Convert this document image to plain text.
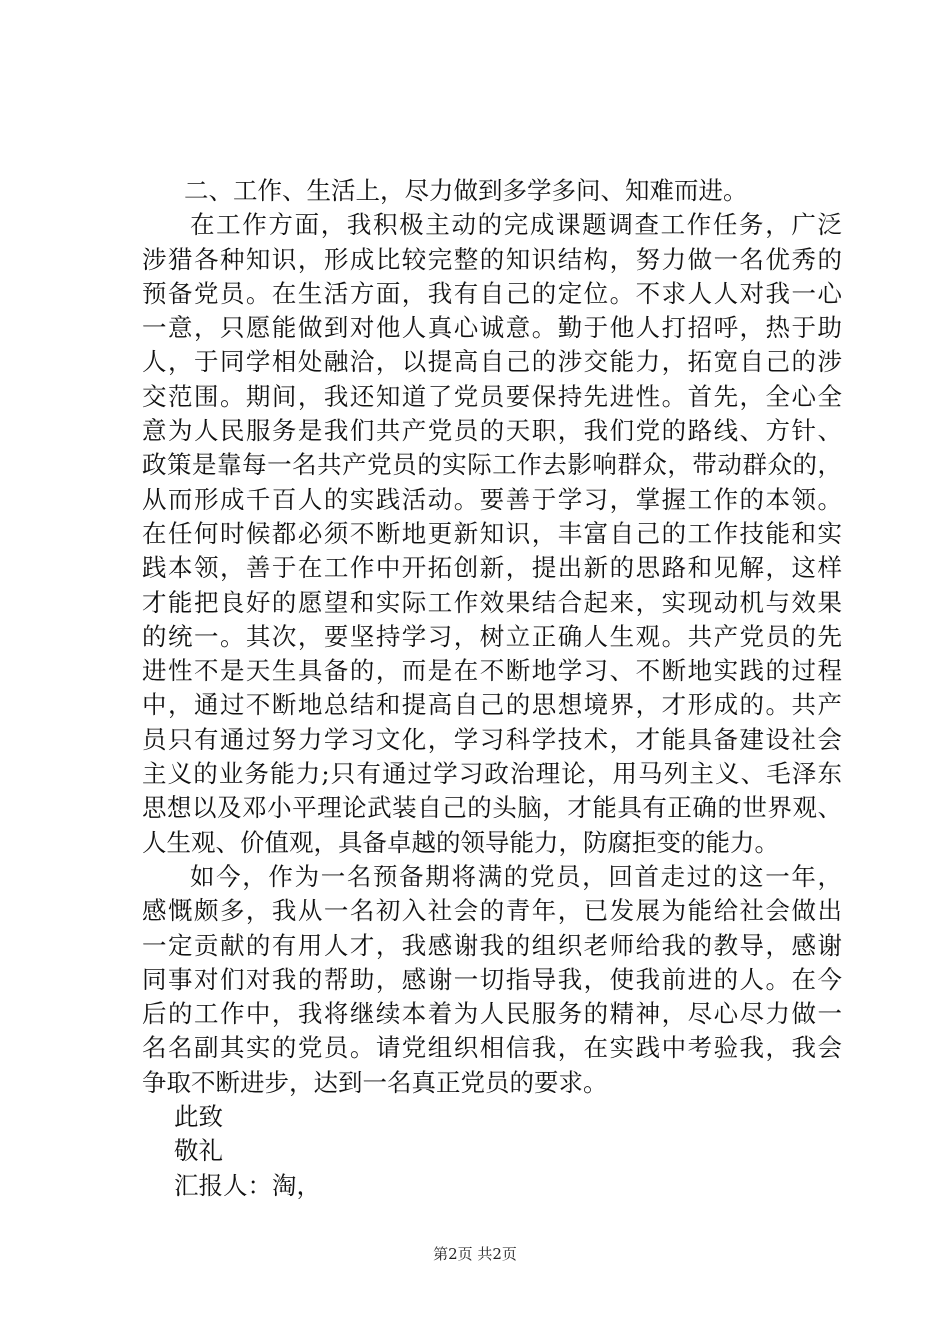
二、工作、生活上，尽力做到多学多问、知难而进。
在工作方面，我积极主动的完成课题调查工作任务，广泛
涉猎各种知识，形成比较完整的知识结构，努力做一名优秀的
预备党员。在生活方面，我有自己的定位。不求人人对我一心
一意，只愿能做到对他人真心诚意。勤于他人打招呼，热于助
人，于同学相处融洽，以提高自己的涉交能力，拓宽自己的涉
交范围。期间，我还知道了党员要保持先进性。首先，全心全
意为人民服务是我们共产党员的天职，我们党的路线、方针、
政策是靠每一名共产党员的实际工作去影响群众，带动群众的，
从而形成千百人的实践活动。要善于学习，掌握工作的本领。
在任何时候都必须不断地更新知识，丰富自己的工作技能和实
践本领，善于在工作中开拓创新，提出新的思路和见解，这样
才能把良好的愿望和实际工作效果结合起来，实现动机与效果
的统一。其次，要坚持学习，树立正确人生观。共产党员的先
进性不是天生具备的，而是在不断地学习、不断地实践的过程
中，通过不断地总结和提高自己的思想境界，才形成的。共产
员只有通过努力学习文化，学习科学技术，才能具备建设社会
主义的业务能力;只有通过学习政治理论，用马列主义、毛泽东
思想以及邓小平理论武装自己的头脑，才能具有正确的世界观、
人生观、价值观，具备卓越的领导能力，防腐拒变的能力。
如今，作为一名预备期将满的党员，回首走过的这一年，
感慨颇多，我从一名初入社会的青年，已发展为能给社会做出
一定贡献的有用人才，我感谢我的组织老师给我的教导，感谢
同事对们对我的帮助，感谢一切指导我，使我前进的人。在今
后的工作中，我将继续本着为人民服务的精神，尽心尽力做一
名名副其实的党员。请党组织相信我，在实践中考验我，我会
争取不断进步，达到一名真正党员的要求。
此致
敬礼
汇报人：淘，
第2页 共2页
